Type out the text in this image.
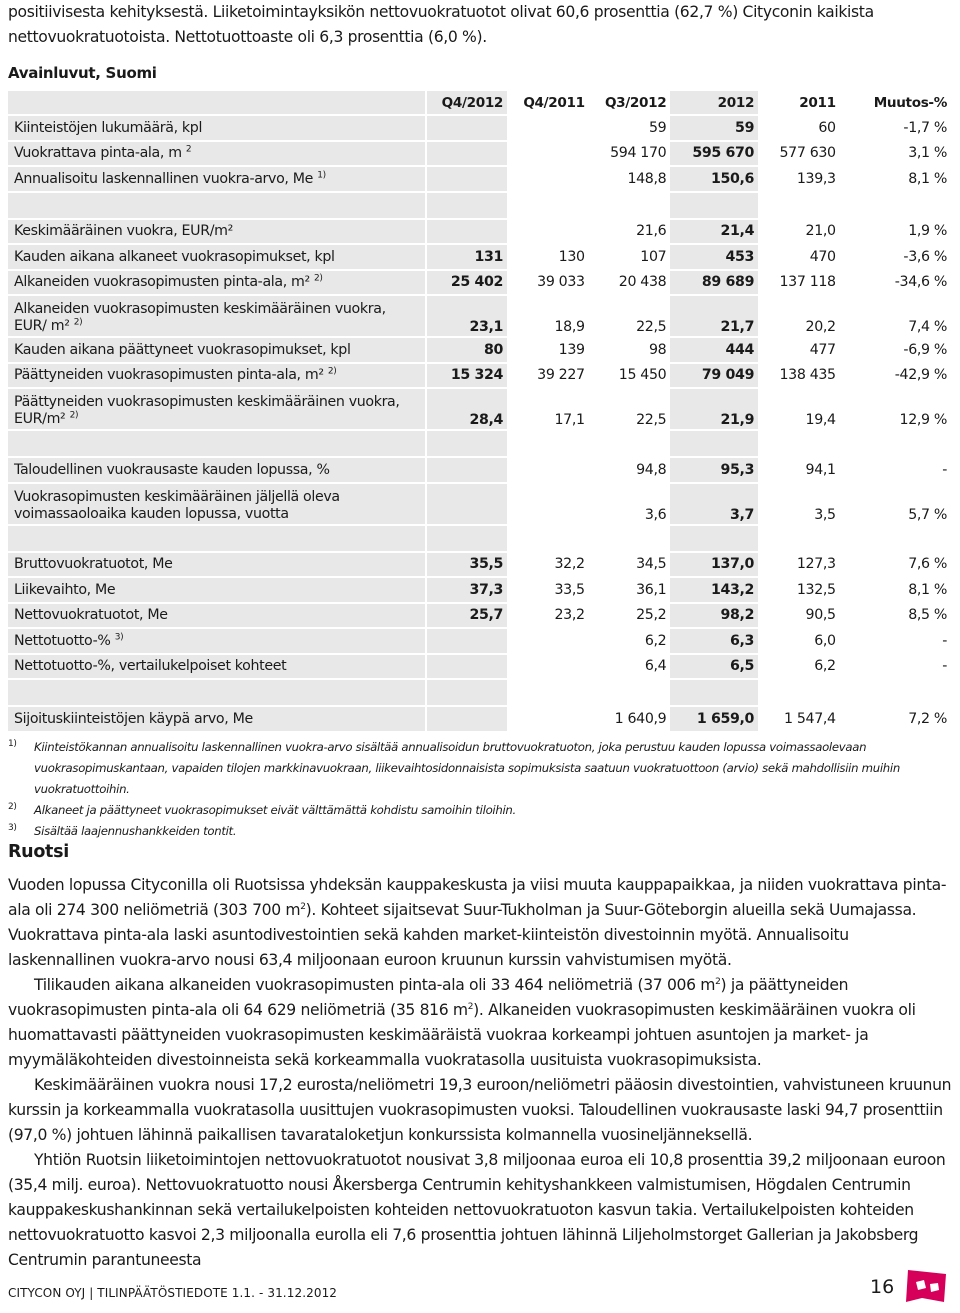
positiivisesta kehityksestä. Liiketoimintayksikön nettovuokratuotot olivat 60,6 prosenttia (62,7 %) Cityconin kaikista nettovuokratuotoista. Nettotuottoaste oli 6,3 prosenttia (6,0 %).
Avainluvut, Suomi
	Q4/2012	Q4/2011	Q3/2012	2012	2011	Muutos-%
Kiinteistöjen lukumäärä, kpl			59	59	60	-1,7 %
Vuokrattava pinta-ala, m $^2$			594 170	595 670	577 630	3,1 %
Annualisoitu laskennallinen vuokra-arvo, Me $^{1)}$			148,8	150,6	139,3	8,1 %

Keskimääräinen vuokra, EUR/m²			21,6	21,4	21,0	1,9 %
Kauden aikana alkaneet vuokrasopimukset, kpl	131	130	107	453	470	-3,6 %
Alkaneiden vuokrasopimusten pinta-ala, m² $^{2)}$	25 402	39 033	20 438	89 689	137 118	-34,6 %
Alkaneiden vuokrasopimusten keskimääräinen vuokra, EUR/ m² $^{2)}$	23,1	18,9	22,5	21,7	20,2	7,4 %
Kauden aikana päättyneet vuokrasopimukset, kpl	80	139	98	444	477	-6,9 %
Päättyneiden vuokrasopimusten pinta-ala, m² $^{2)}$	15 324	39 227	15 450	79 049	138 435	-42,9 %
Päättyneiden vuokrasopimusten keskimääräinen vuokra, EUR/m² $^{2)}$	28,4	17,1	22,5	21,9	19,4	12,9 %

Taloudellinen vuokrausaste kauden lopussa, %			94,8	95,3	94,1	-
Vuokrasopimusten keskimääräinen jäljellä oleva voimassaoloaika kauden lopussa, vuotta			3,6	3,7	3,5	5,7 %

Bruttovuokratuotot, Me	35,5	32,2	34,5	137,0	127,3	7,6 %
Liikevaihto, Me	37,3	33,5	36,1	143,2	132,5	8,1 %
Nettovuokratuotot, Me	25,7	23,2	25,2	98,2	90,5	8,5 %
Nettotuotto-% $^{3)}$			6,2	6,3	6,0	-
Nettotuotto-%, vertailukelpoiset kohteet			6,4	6,5	6,2	-

Sijoituskiinteistöjen käypä arvo, Me			1 640,9	1 659,0	1 547,4	7,2 %
1)	Kiinteistökannan annualisoitu laskennallinen vuokra-arvo sisältää annualisoidun bruttovuokratuoton, joka perustuu kauden lopussa voimassaolevaan vuokrasopimuskantaan, vapaiden tilojen markkinavuokraan, liikevaihtosidonnaisista sopimuksista saatuun vuokratuottoon (arvio) sekä mahdollisiin muihin vuokratuottoihin.
2)	Alkaneet ja päättyneet vuokrasopimukset eivät välttämättä kohdistu samoihin tiloihin.
3)	Sisältää laajennushankkeiden tontit.
Ruotsi

Vuoden lopussa Cityconilla oli Ruotsissa yhdeksän kauppakeskusta ja viisi muuta kauppapaikkaa, ja niiden vuokrattava pinta-ala oli 274 300 neliömetriä (303 700 $m^2$). Kohteet sijaitsevat Suur-Tukholman ja Suur-Göteborgin alueilla sekä Uumajassa. Vuokrattava pinta-ala laski asuntodivestointien sekä kahden market-kiinteistön divestoinnin myötä. Annualisoitu laskennallinen vuokra-arvo nousi 63,4 miljoonaan euroon kruunun kurssin vahvistumisen myötä.

Tilikauden aikana alkaneiden vuokrasopimusten pinta-ala oli 33 464 neliömetriä (37 006 $m^2$) ja päättyneiden vuokrasopimusten pinta-ala oli 64 629 neliömetriä (35 816 $m^2$). Alkaneiden vuokrasopimusten keskimääräinen vuokra oli huomattavasti päättyneiden vuokrasopimusten keskimääräistä vuokraa korkeampi johtuen asuntojen ja market- ja myymäläkohteiden divestoinneista sekä korkeammalla vuokratasolla uusituista vuokrasopimuksista.

Keskimääräinen vuokra nousi 17,2 eurosta/neliömetri 19,3 euroon/neliömetri pääosin divestointien, vahvistuneen kruunun kurssin ja korkeammalla vuokratasolla uusittujen vuokrasopimusten vuoksi. Taloudellinen vuokrausaste laski 94,7 prosenttiin (97,0 %) johtuen lähinnä paikallisen tavarataloketjun konkurssista kolmannella vuosineljänneksellä.

Yhtiön Ruotsin liiketoimintojen nettovuokratuotot nousivat 3,8 miljoonaa euroa eli 10,8 prosenttia 39,2 miljoonaan euroon (35,4 milj. euroa). Nettovuokratuotto nousi Åkersberga Centrumin kehityshankkeen valmistumisen, Högdalen Centrumin kauppakeskushankinnan sekä vertailukelpoisten kohteiden nettovuokratuoton kasvun takia. Vertailukelpoisten kohteiden nettovuokratuotto kasvoi 2,3 miljoonalla eurolla eli 7,6 prosenttia johtuen lähinnä Liljeholmstorget Gallerian ja Jakobsberg Centrumin parantuneesta

CITYCON OYJ | TILINPÄÄTÖSTIEDOTE 1.1. - 31.12.2012	16
